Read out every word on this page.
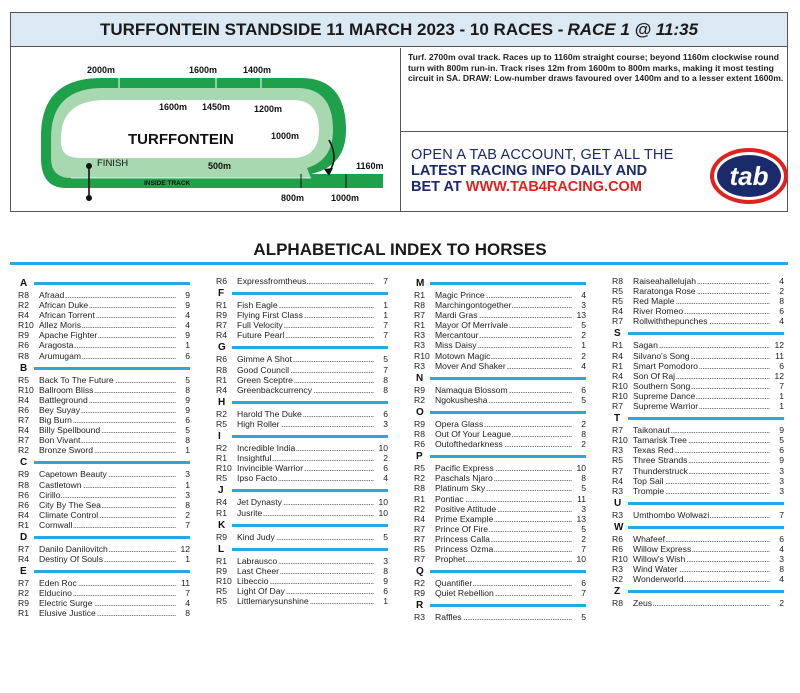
TURFFONTEIN STANDSIDE 11 MARCH 2023 - 10 RACES - RACE 1 @ 11:35
2000m	1600m	1400m
1600m 1450m	1200m
1000m
500m	1160m
800m	1000m
TURFFONTEIN
FINISH
INSIDE TRACK
STANDSIDE TRACK
Turf. 2700m oval track. Races up to 1160m straight course; beyond 1160m clockwise round turn with 800m run-in. Track rises 12m from 1600m to 800m marks, making it most testing circuit in SA. DRAW: Low-number draws favoured over 1400m and to a lesser extent 1600m.
OPEN A TAB ACCOUNT, GET ALL THE
LATEST RACING INFO DAILY AND
BET AT WWW.TAB4RACING.COM	tab
ALPHABETICAL INDEX TO HORSES
A
R8	Afraad . . .	9
R2	African Duke . . .	9
R4	African Torrent . . .	4
R10 Allez Moris . . .	4
R9	Apache Fighter . . .	9
R6	Aragosta . . .	1
R8	Arumugam . . .	6
B
R5	Back To The Future . . .	5
R10 Ballroom Bliss . . .	8
R4	Battleground . . .	9
R6	Bey Suyay . . .	9
R7	Big Burn . . .	6
R4	Billy Spellbound . . .	5
R7	Bon Vivant . . .	8
R2	Bronze Sword . . .	1
C
R9	Capetown Beauty . . .	3
R8	Castletown . . .	1
R6	Cirillo . . .	3
R6	City By The Sea . . .	8
R4	Climate Control . . .	2
R1	Cornwall . . .	7
D
R7	Danilo Danilovitch . . .	12
R4	Destiny Of Souls . . .	1
E
R7	Eden Roc . . .	11
R2	Elducino . . .	7
R9	Electric Surge . . .	4
R1	Elusive Justice . . .	8
R6	Expressfromtheus . . .	7
F
R1	Fish Eagle . . .	1
R9	Flying First Class . . .	1
R7	Full Velocity . . .	7
R4	Future Pearl . . .	7
G
R6	Gimme A Shot . . .	5
R8	Good Council . . .	7
R1	Green Sceptre . . .	8
R4	Greenbackcurrency . . .	8
H
R2	Harold The Duke . . .	6
R5	High Roller . . .	3
I
R2	Incredible India . . .	10
R1	Insightful . . .	2
R10 Invincible Warrior . . .	6
R5	Ipso Facto . . .	4
J
R4	Jet Dynasty . . .	10
R1	Jusrite . . .	10
K
R9	Kind Judy . . .	5
L
R1	Labrausco . . .	3
R9	Last Cheer . . .	8
R10 Libeccio . . .	9
R5	Light Of Day . . .	6
R5	Littlemarysunshine . . .	1
M
R1	Magic Prince . . .	4
R8	Marchingontogether . . .	3
R7	Mardi Gras . . .	13
R1	Mayor Of Merrivale . . .	5
R3	Mercantour . . .	2
R3	Miss Daisy . . .	1
R10 Motown Magic . . .	2
R3	Mover And Shaker . . .	4
N
R9	Namaqua Blossom . . .	6
R2	Ngokushesha . . .	5
O
R9	Opera Glass . . .	2
R8	Out Of Your League . . .	8
R6	Outofthedarkness . . .	2
P
R5	Pacific Express . . .	10
R2	Paschals Njaro . . .	8
R8	Platinum Sky . . .	5
R1	Pontiac . . .	11
R2	Positive Attitude . . .	3
R4	Prime Example . . .	13
R7	Prince Of Fire . . .	5
R7	Princess Calla . . .	2
R5	Princess Ozma . . .	7
R7	Prophet . . .	10
Q
R2	Quantifier . . .	6
R9	Quiet Rebellion . . .	7
R
R3	Raffles . . .	5
R8	Raiseahallelujah . . .	4
R5	Raratonga Rose . . .	2
R5	Red Maple . . .	8
R4	River Romeo . . .	6
R7	Rollwiththepunches . . .	4
S
R1	Sagan . . .	12
R4	Silvano's Song . . .	11
R1	Smart Pomodoro . . .	6
R4	Son Of Raj . . .	12
R10 Southern Song . . .	7
R10 Supreme Dance . . .	1
R7	Supreme Warrior . . .	1
T
R7	Taikonaut . . .	9
R10 Tamarisk Tree . . .	5
R3	Texas Red . . .	6
R5	Three Strands . . .	9
R7	Thunderstruck . . .	3
R4	Top Sail . . .	3
R3	Trompie . . .	3
U
R3	Umthombo Wolwazi . . .	7
W
R6	Whafeef . . .	6
R6	Willow Express . . .	4
R10 Willow's Wish . . .	3
R3	Wind Water . . .	8
R2	Wonderworld . . .	4
Z
R8	Zeus . . .	2
